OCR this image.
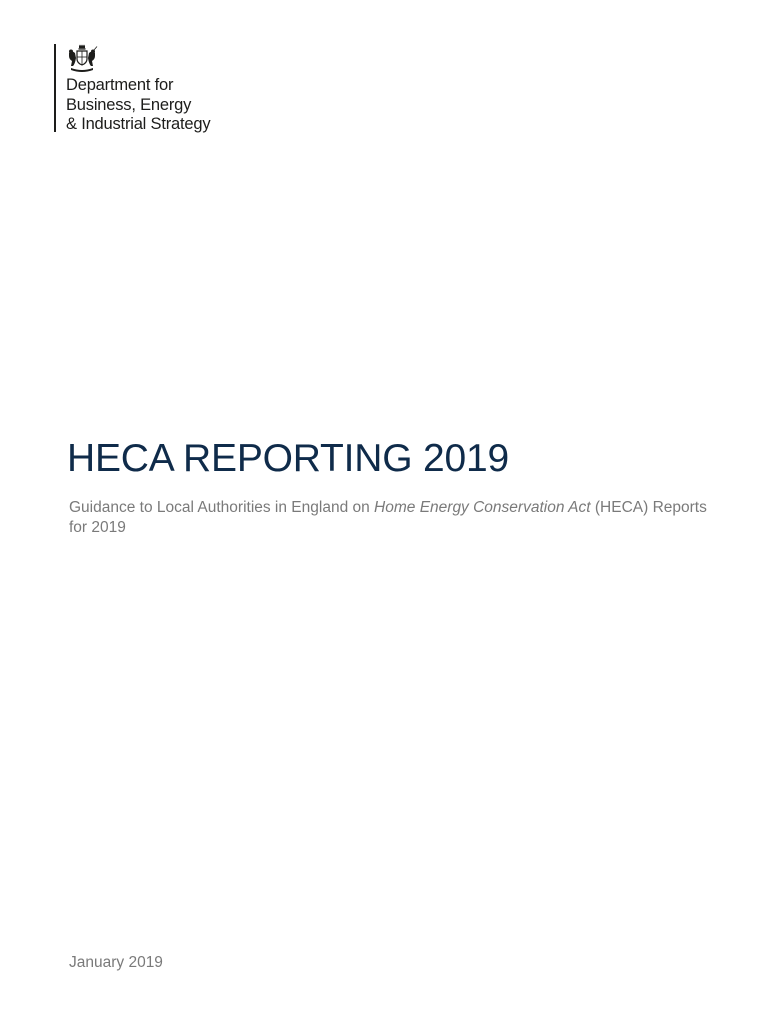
Department for
Business, Energy
& Industrial Strategy
HECA REPORTING 2019
Guidance to Local Authorities in England on Home Energy Conservation Act (HECA) Reports for 2019
January 2019
